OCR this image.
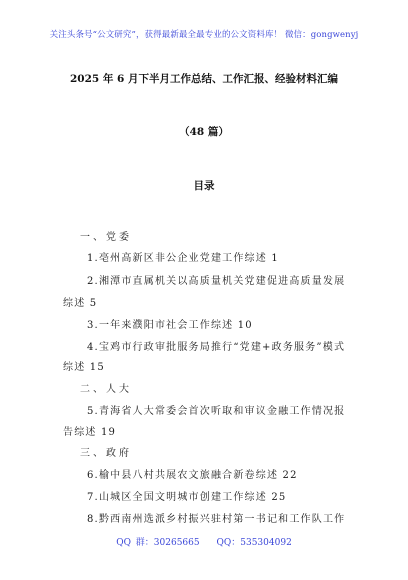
关注头条号“公文研究”，获得最新最全最专业的公文资料库！ 微信：gongwenyj
2025 年 6 月下半月工作总结、工作汇报、经验材料汇编
（48 篇）
目录
一、党委
1.亳州高新区非公企业党建工作综述 1
2.湘潭市直属机关以高质量机关党建促进高质量发展
综述 5
3.一年来濮阳市社会工作综述 10
4.宝鸡市行政审批服务局推行“党建+政务服务”模式
综述 15
二、人大
5.青海省人大常委会首次听取和审议金融工作情况报
告综述 19
三、政府
6.榆中县八村共展农文旅融合新卷综述 22
7.山城区全国文明城市创建工作综述 25
8.黔西南州选派乡村振兴驻村第一书记和工作队工作
QQ 群：30265665 QQ：535304092
